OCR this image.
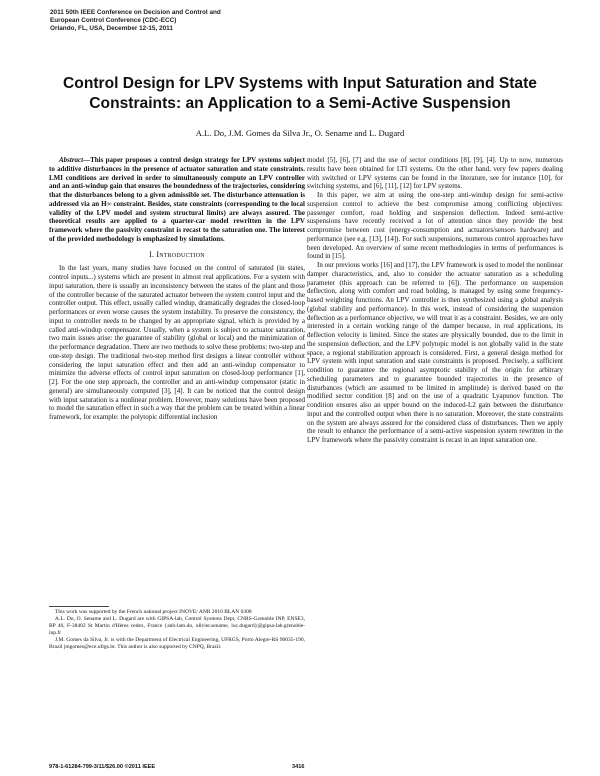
2011 50th IEEE Conference on Decision and Control and
European Control Conference (CDC-ECC)
Orlando, FL, USA, December 12-15, 2011
Control Design for LPV Systems with Input Saturation and State
Constraints: an Application to a Semi-Active Suspension
A.L. Do, J.M. Gomes da Silva Jr., O. Sename and L. Dugard

Abstract—This paper proposes a control design strategy for LPV systems subject to additive disturbances in the presence of actuator saturation and state constraints. LMI conditions are derived in order to simultaneously compute an LPV controller and an anti-windup gain that ensures the boundedness of the trajectories, considering that the disturbances belong to a given admissible set. The disturbance attenuation is addressed via an H∞ constraint. Besides, state constraints (corresponding to the local validity of the LPV model and system structural limits) are always assured. The theoretical results are applied to a quarter-car model rewritten in the LPV framework where the passivity constraint is recast to the saturation one. The interest of the provided methodology is emphasized by simulations.

I. Introduction

In the last years, many studies have focused on the control of saturated (in states, control inputs...) systems which are present in almost real applications. For a system with input saturation, there is usually an inconsistency between the states of the plant and those of the controller because of the saturated actuator between the system control input and the controller output. This effect, usually called windup, dramatically degrades the closed-loop performances or even worse causes the system instability. To preserve the consistency, the input to controller needs to be changed by an appropriate signal, which is provided by a called anti-windup compensator. Usually, when a system is subject to actuator saturation, two main issues arise: the guarantee of stability (global or local) and the minimization of the performance degradation. There are two methods to solve these problems: two-step and one-step design. The traditional two-step method first designs a linear controller without considering the input saturation effect and then add an anti-windup compensator to minimize the adverse effects of control input saturation on closed-loop performance [1], [2]. For the one step approach, the controller and an anti-windup compensator (static in general) are simultaneously computed [3], [4]. It can be noticed that the control design with input saturation is a nonlinear problem. However, many solutions have been proposed to model the saturation effect in such a way that the problem can be treated within a linear framework, for example: the polytopic differential inclusion

model [5], [6], [7] and the use of sector conditions [8], [9], [4]. Up to now, numerous results have been obtained for LTI systems. On the other hand, very few papers dealing with switched or LPV systems can be found in the literature, see for instance [10], for switching systems, and [6], [11], [12] for LPV systems.

In this paper, we aim at using the one-step anti-windup design for semi-active suspension control to achieve the best compromise among conflicting objectives: passenger comfort, road holding and suspension deflection. Indeed semi-active suspensions have recently received a lot of attention since they provide the best compromise between cost (energy-consumption and actuators/sensors hardware) and performance (see e.g. [13], [14]). For such suspensions, numerous control approaches have been developed. An overview of some recent methodologies in terms of performances is found in [15].

In our previous works [16] and [17], the LPV framework is used to model the nonlinear damper characteristics, and, also to consider the actuator saturation as a scheduling parameter (this approach can be referred to [6]). The performance on suspension deflection, along with comfort and road holding, is managed by using some frequency-based weighting functions. An LPV controller is then synthesized using a global analysis (global stability and performance). In this work, instead of considering the suspension deflection as a performance objective, we will treat it as a constraint. Besides, we are only interested in a certain working range of the damper because, in real applications, its deflection velocity is limited. Since the states are physically bounded, due to the limit in the suspension deflection, and the LPV polytopic model is not globally valid in the state space, a regional stabilization approach is considered. First, a general design method for LPV system with input saturation and state constraints is proposed. Precisely, a sufficient condition to guarantee the regional asymptotic stability of the origin for arbitrary scheduling parameters and to guarantee bounded trajectories in the presence of disturbances (which are assumed to be limited in amplitude) is derived based on the modified sector condition [8] and on the use of a quadratic Lyapunov function. The condition ensures also an upper bound on the induced-L2 gain between the disturbance input and the controlled output when there is no saturation. Moreover, the state constraints on the system are always assured for the considered class of disturbances. Then we apply the result to enhance the performance of a semi-active suspension system rewritten in the LPV framework where the passivity constraint is recast in an input saturation one.

This work was supported by the French national project INOVE/ ANR 2010 BLAN 0308

A.L. Do, O. Sename and L. Dugard are with GIPSA-lab, Control Systems Dept, CNRS-Grenoble INP, ENSE3, BP 46, F-38402 St Martin d'Hères cedex, France {anh-lam.do, olivier.sename, luc.dugard}@gipsa-lab.grenoble-inp.fr

J.M. Gomes da Silva, Jr. is with the Department of Electrical Engineering, UFRGS, Porto Alegre-RS 90035-190, Brazil jmgomes@ece.ufrgs.br. This author is also supported by CNPQ, Brazil.

978-1-61284-799-3/11/$26.00 ©2011 IEEE	3416
